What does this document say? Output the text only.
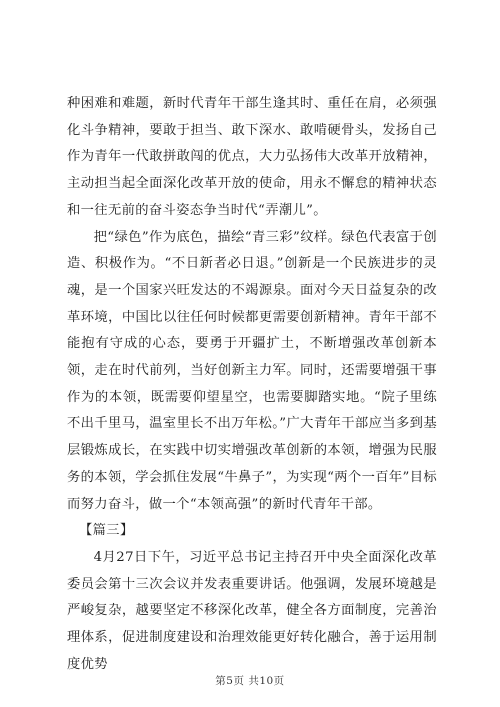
种困难和难题，新时代青年干部生逢其时、重任在肩，必须强化斗争精神，要敢于担当、敢下深水、敢啃硬骨头，发扬自己作为青年一代敢拼敢闯的优点，大力弘扬伟大改革开放精神，主动担当起全面深化改革开放的使命，用永不懈怠的精神状态和一往无前的奋斗姿态争当时代“弄潮儿”。

把“绿色”作为底色，描绘“青三彩”纹样。绿色代表富于创造、积极作为。“不日新者必日退。”创新是一个民族进步的灵魂，是一个国家兴旺发达的不竭源泉。面对今天日益复杂的改革环境，中国比以往任何时候都更需要创新精神。青年干部不能抱有守成的心态，要勇于开疆扩土，不断增强改革创新本领，走在时代前列，当好创新主力军。同时，还需要增强干事作为的本领，既需要仰望星空，也需要脚踏实地。“院子里练不出千里马，温室里长不出万年松。”广大青年干部应当多到基层锻炼成长，在实践中切实增强改革创新的本领，增强为民服务的本领，学会抓住发展“牛鼻子”，为实现“两个一百年”目标而努力奋斗，做一个“本领高强”的新时代青年干部。

【篇三】

4月27日下午，习近平总书记主持召开中央全面深化改革委员会第十三次会议并发表重要讲话。他强调，发展环境越是严峻复杂，越要坚定不移深化改革，健全各方面制度，完善治理体系，促进制度建设和治理效能更好转化融合，善于运用制度优势

第5页 共10页
